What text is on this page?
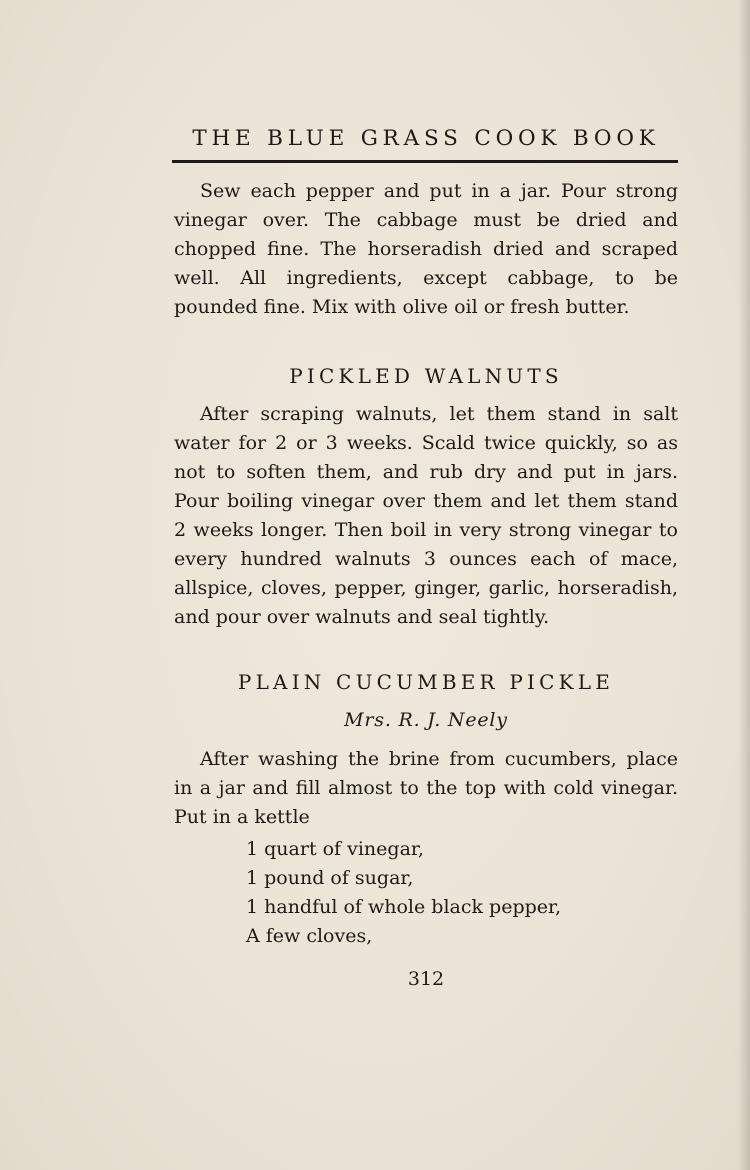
THE BLUE GRASS COOK BOOK

Sew each pepper and put in a jar. Pour strong vinegar over. The cabbage must be dried and chopped fine. The horseradish dried and scraped well. All ingredients, except cabbage, to be pounded fine. Mix with olive oil or fresh butter.

PICKLED WALNUTS

After scraping walnuts, let them stand in salt water for 2 or 3 weeks. Scald twice quickly, so as not to soften them, and rub dry and put in jars. Pour boiling vinegar over them and let them stand 2 weeks longer. Then boil in very strong vinegar to every hundred walnuts 3 ounces each of mace, allspice, cloves, pepper, ginger, garlic, horseradish, and pour over walnuts and seal tightly.

PLAIN CUCUMBER PICKLE
Mrs. R. J. Neely

After washing the brine from cucumbers, place in a jar and fill almost to the top with cold vinegar. Put in a kettle

1 quart of vinegar,
1 pound of sugar,
1 handful of whole black pepper,
A few cloves,
312
